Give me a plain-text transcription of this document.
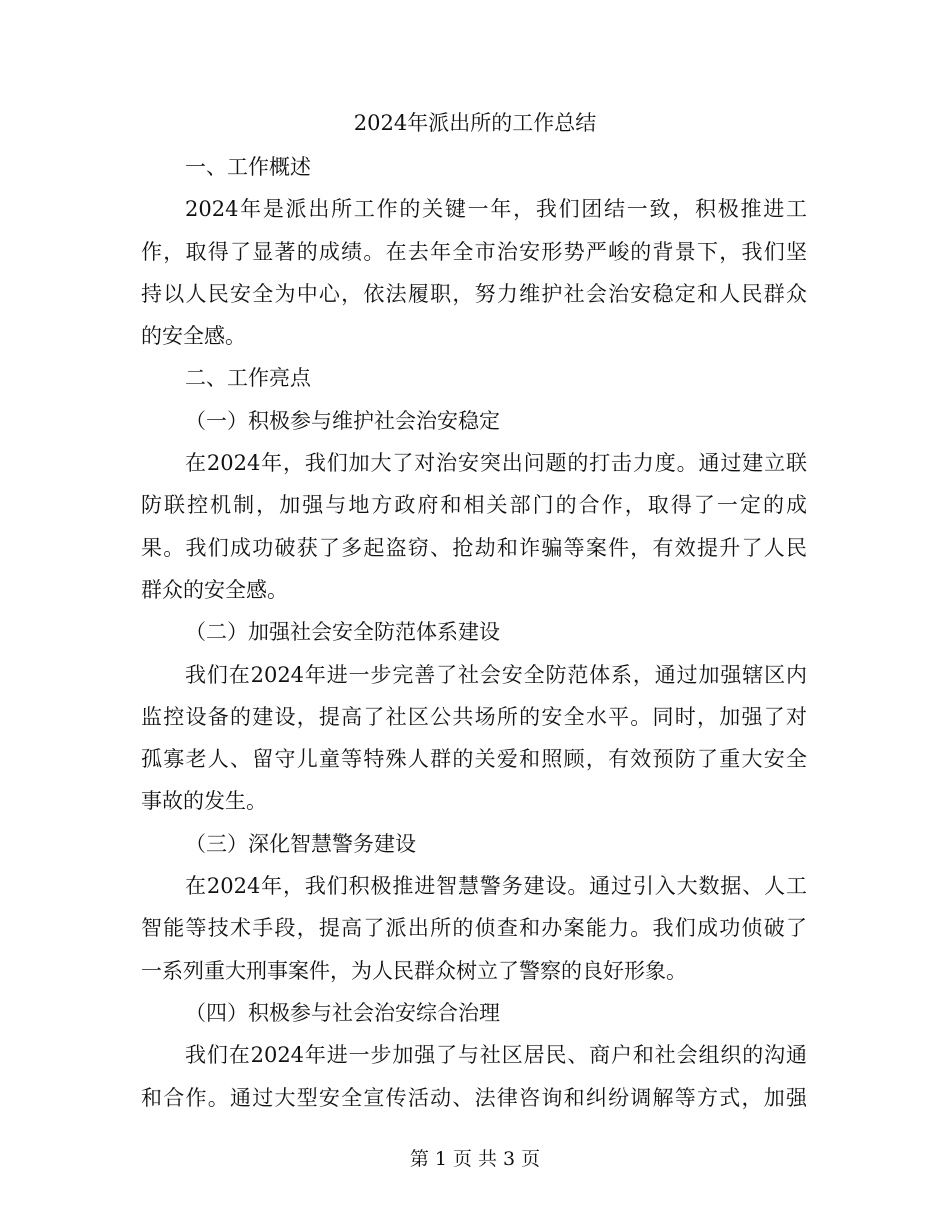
2024年派出所的工作总结

一、工作概述

2024年是派出所工作的关键一年，我们团结一致，积极推进工

作，取得了显著的成绩。在去年全市治安形势严峻的背景下，我们坚

持以人民安全为中心，依法履职，努力维护社会治安稳定和人民群众

的安全感。

二、工作亮点

（一）积极参与维护社会治安稳定

在2024年，我们加大了对治安突出问题的打击力度。通过建立联

防联控机制，加强与地方政府和相关部门的合作，取得了一定的成

果。我们成功破获了多起盗窃、抢劫和诈骗等案件，有效提升了人民

群众的安全感。

（二）加强社会安全防范体系建设

我们在2024年进一步完善了社会安全防范体系，通过加强辖区内

监控设备的建设，提高了社区公共场所的安全水平。同时，加强了对

孤寡老人、留守儿童等特殊人群的关爱和照顾，有效预防了重大安全

事故的发生。

（三）深化智慧警务建设

在2024年，我们积极推进智慧警务建设。通过引入大数据、人工

智能等技术手段，提高了派出所的侦查和办案能力。我们成功侦破了

一系列重大刑事案件，为人民群众树立了警察的良好形象。

（四）积极参与社会治安综合治理

我们在2024年进一步加强了与社区居民、商户和社会组织的沟通

和合作。通过大型安全宣传活动、法律咨询和纠纷调解等方式，加强

第 1 页 共 3 页
